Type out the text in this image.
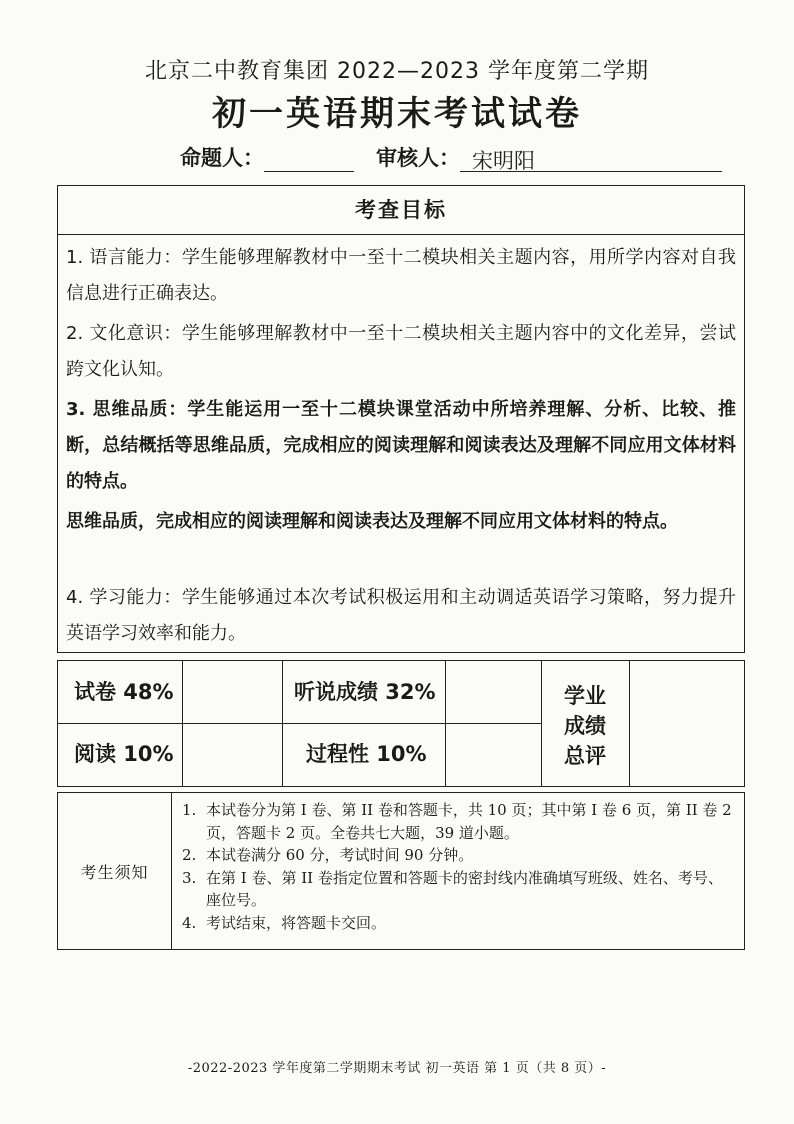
北京二中教育集团 2022—2023 学年度第二学期
初一英语期末考试试卷
命题人：	审核人： 宋明阳
考查目标
1. 语言能力：学生能够理解教材中一至十二模块相关主题内容，用所学内容对自我信息进行正确表达。
2. 文化意识：学生能够理解教材中一至十二模块相关主题内容中的文化差异，尝试跨文化认知。
3. 思维品质：学生能运用一至十二模块课堂活动中所培养理解、分析、比较、推断，总结概括等思维品质，完成相应的阅读理解和阅读表达及理解不同应用文体材料的特点。
思维品质，完成相应的阅读理解和阅读表达及理解不同应用文体材料的特点。
4. 学习能力：学生能够通过本次考试积极运用和主动调适英语学习策略，努力提升英语学习效率和能力。
试卷 48%	听说成绩 32%
阅读 10%	过程性 10%
学业
成绩
总评
考生须知
1. 本试卷分为第 I 卷、第 II 卷和答题卡，共 10 页；其中第 I 卷 6 页，第 II 卷 2 页，答题卡 2 页。全卷共七大题，39 道小题。
2. 本试卷满分 60 分，考试时间 90 分钟。
3. 在第 I 卷、第 II 卷指定位置和答题卡的密封线内准确填写班级、姓名、考号、座位号。
4. 考试结束，将答题卡交回。
-2022-2023 学年度第二学期期末考试 初一英语 第 1 页（共 8 页）-
